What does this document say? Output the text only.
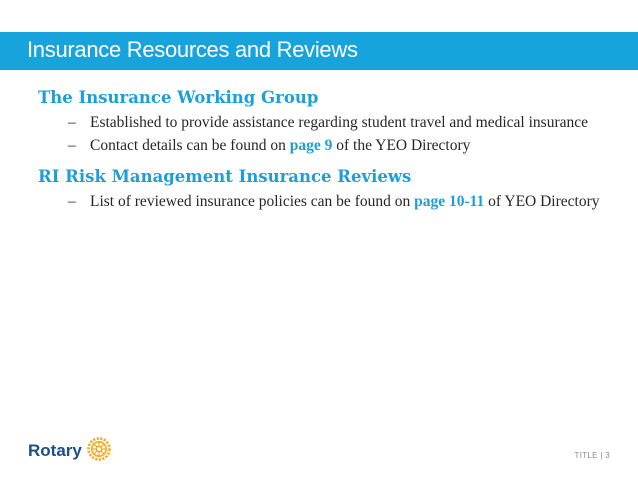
Insurance Resources and Reviews
The Insurance Working Group
– Established to provide assistance regarding student travel and medical insurance
– Contact details can be found on page 9 of the YEO Directory
RI Risk Management Insurance Reviews
– List of reviewed insurance policies can be found on page 10-11 of YEO Directory
Rotary	TITLE | 3
